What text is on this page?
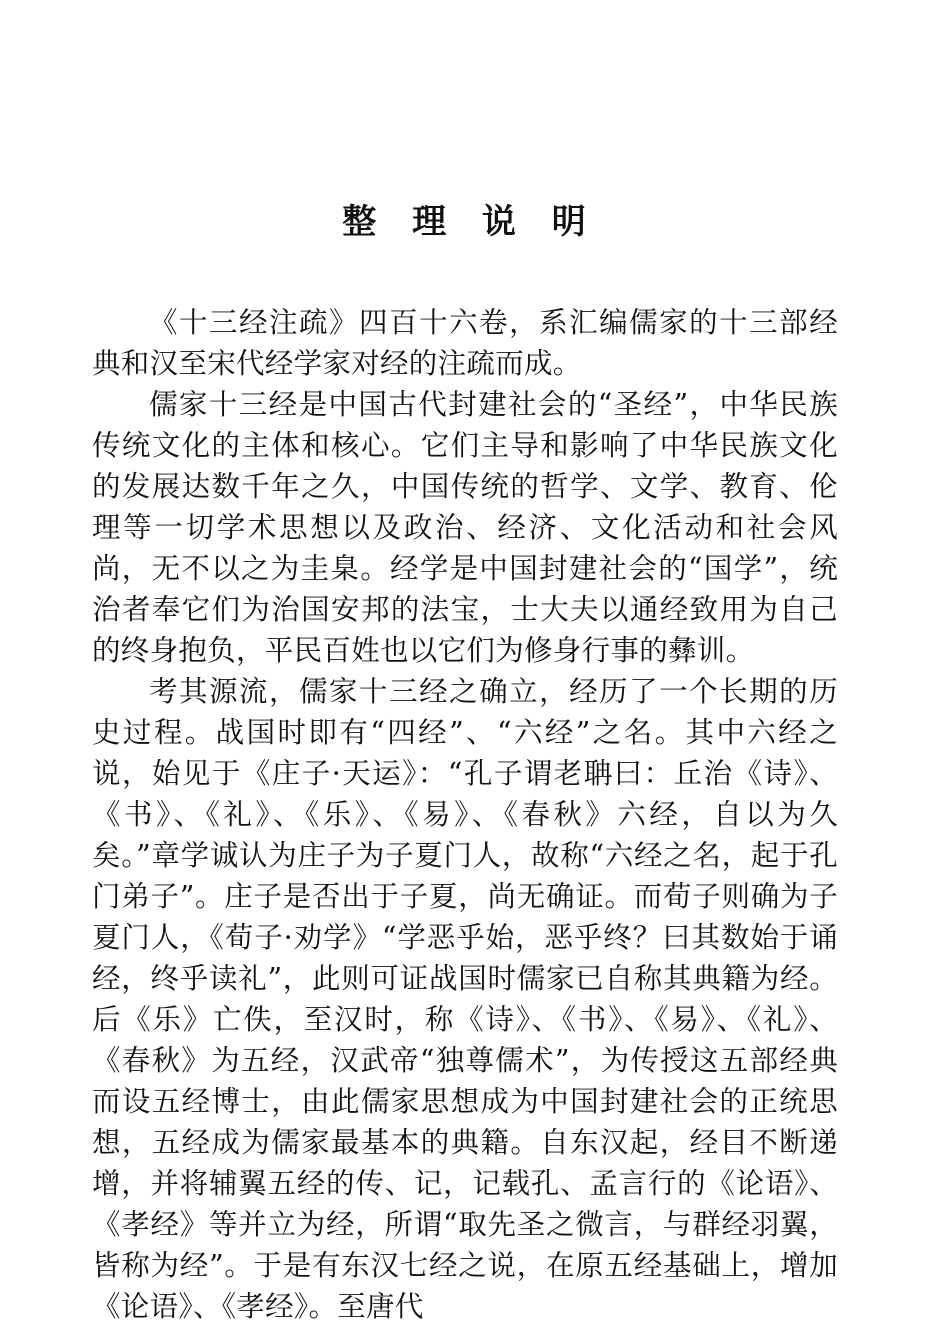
整 理 说 明

《十三经注疏》四百十六卷，系汇编儒家的十三部经典和汉至宋代经学家对经的注疏而成。

儒家十三经是中国古代封建社会的“圣经”，中华民族传统文化的主体和核心。它们主导和影响了中华民族文化的发展达数千年之久，中国传统的哲学、文学、教育、伦理等一切学术思想以及政治、经济、文化活动和社会风尚，无不以之为圭臬。经学是中国封建社会的“国学”，统治者奉它们为治国安邦的法宝，士大夫以通经致用为自己的终身抱负，平民百姓也以它们为修身行事的彝训。

考其源流，儒家十三经之确立，经历了一个长期的历史过程。战国时即有“四经”、“六经”之名。其中六经之说，始见于《庄子·天运》：“孔子谓老聃曰：丘治《诗》、《书》、《礼》、《乐》、《易》、《春秋》六经，自以为久矣。”章学诚认为庄子为子夏门人，故称“六经之名，起于孔门弟子”。庄子是否出于子夏，尚无确证。而荀子则确为子夏门人，《荀子·劝学》“学恶乎始，恶乎终？曰其数始于诵经，终乎读礼”，此则可证战国时儒家已自称其典籍为经。后《乐》亡佚，至汉时，称《诗》、《书》、《易》、《礼》、《春秋》为五经，汉武帝“独尊儒术”，为传授这五部经典而设五经博士，由此儒家思想成为中国封建社会的正统思想，五经成为儒家最基本的典籍。自东汉起，经目不断递增，并将辅翼五经的传、记，记载孔、孟言行的《论语》、《孝经》等并立为经，所谓“取先圣之微言，与群经羽翼，皆称为经”。于是有东汉七经之说，在原五经基础上，增加《论语》、《孝经》。至唐代
